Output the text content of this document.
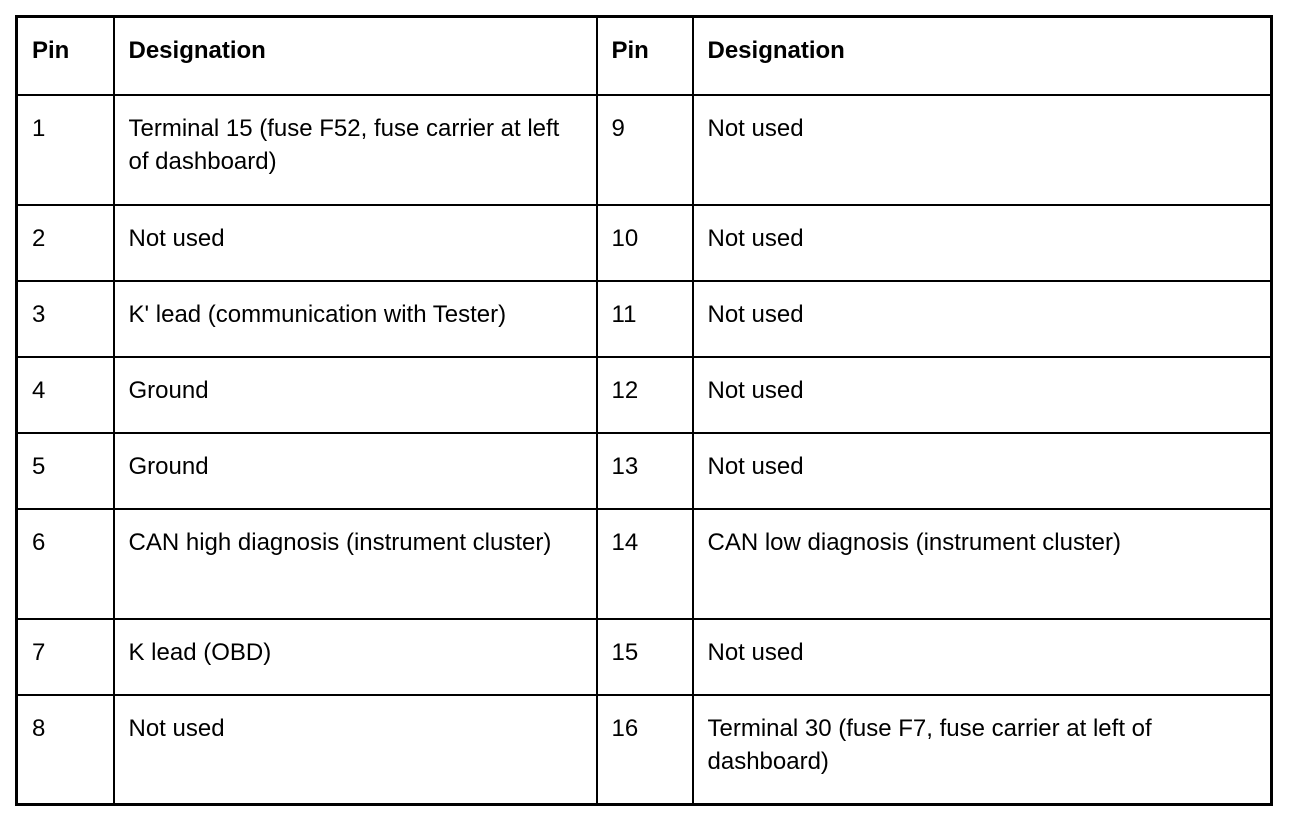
Pin	Designation	Pin	Designation
1	Terminal 15 (fuse F52, fuse carrier at left of dashboard)	9	Not used
2	Not used	10	Not used
3	K' lead (communication with Tester)	11	Not used
4	Ground	12	Not used
5	Ground	13	Not used
6	CAN high diagnosis (instrument cluster)	14	CAN low diagnosis (instrument cluster)
7	K lead (OBD)	15	Not used
8	Not used	16	Terminal 30 (fuse F7, fuse carrier at left of dashboard)
